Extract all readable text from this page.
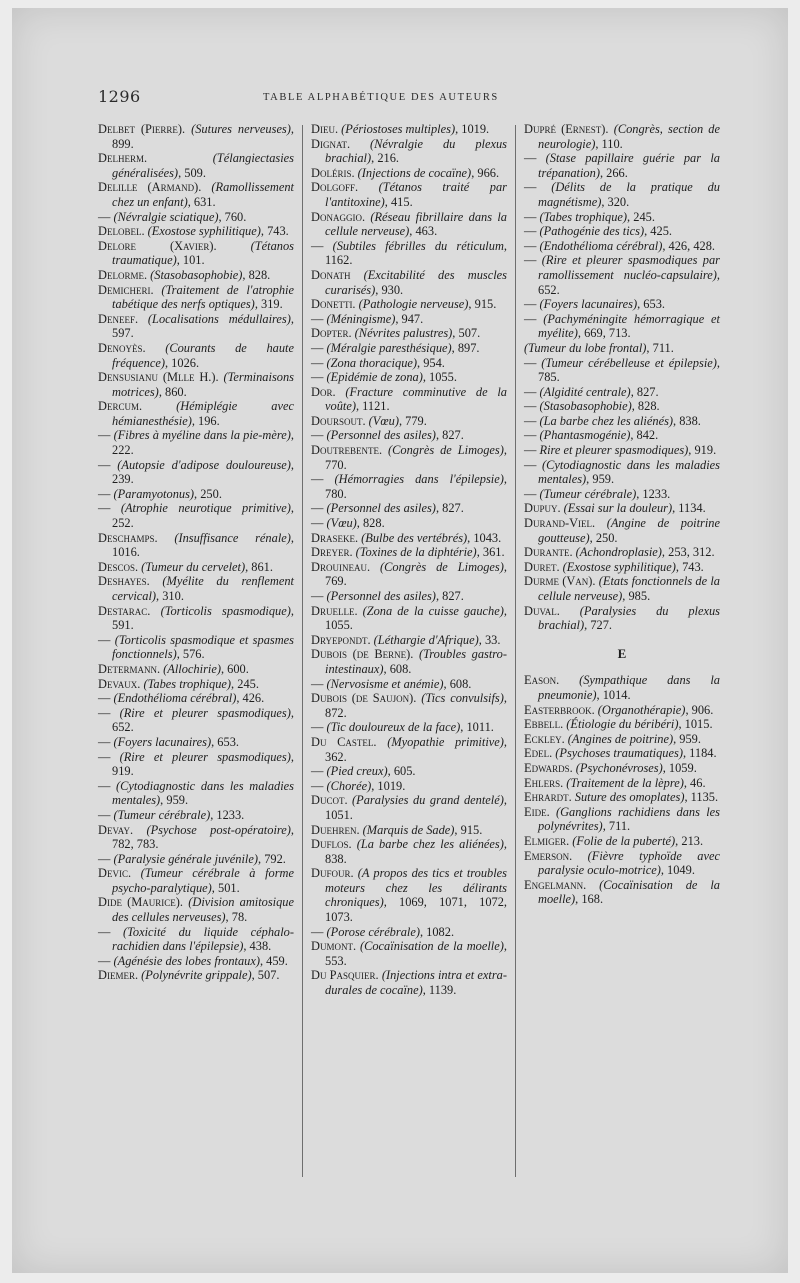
1296	TABLE ALPHABÉTIQUE DES AUTEURS

Delbet (Pierre). (Sutures nerveuses), 899.

Delherm.	(Télangiectasies généralisées), 509.

Delille (Armand). (Ramollissement chez un enfant), 631.

— (Névralgie sciatique), 760.

Delobel. (Exostose syphilitique), 743.

Delore (Xavier).	(Tétanos traumatique), 101.

Delorme. (Stasobasophobie), 828.

Demicheri. (Traitement de l'atrophie tabétique des nerfs optiques), 319.

Deneef. (Localisations médullaires), 597.

Denoyès. (Courants de haute fréquence), 1026.

Densusianu (Mlle H.). (Terminaisons motrices), 860.

Dercum.	(Hémiplégie avec hémianesthésie), 196.

— (Fibres à myéline dans la pie-mère), 222.

— (Autopsie d'adipose douloureuse), 239.

— (Paramyotonus), 250.

— (Atrophie neurotique primitive), 252.

Deschamps. (Insuffisance rénale), 1016.

Descos. (Tumeur du cervelet), 861.

Deshayes. (Myélite du renflement cervical), 310.

Destarac. (Torticolis spasmodique), 591.

— (Torticolis spasmodique et spasmes fonctionnels), 576.

Determann. (Allochirie), 600.

Devaux. (Tabes trophique), 245.

— (Endothélioma cérébral), 426.

— (Rire et pleurer spasmodiques), 652.

— (Foyers lacunaires), 653.

— (Rire et pleurer spasmodiques), 919.

— (Cytodiagnostic dans les maladies mentales), 959.

— (Tumeur cérébrale), 1233.

Devay. (Psychose post-opératoire), 782, 783.

— (Paralysie générale juvénile), 792.

Devic. (Tumeur cérébrale à forme psycho-paralytique), 501.

Dide (Maurice). (Division amitosique des cellules nerveuses), 78.

— (Toxicité du liquide céphalo-rachidien dans l'épilepsie), 438.

— (Agénésie des lobes frontaux), 459.

Diemer. (Polynévrite grippale), 507.

Dieu. (Périostoses multiples), 1019.

Dignat. (Névralgie du plexus brachial), 216.

Doléris. (Injections de cocaïne), 966.

Dolgoff. (Tétanos traité par l'antitoxine), 415.

Donaggio. (Réseau fibrillaire dans la cellule nerveuse), 463.

— (Subtiles fébrilles du réticulum, 1162.

Donath (Excitabilité des muscles curarisés), 930.

Donetti. (Pathologie nerveuse), 915.

— (Méningisme), 947.

Dopter. (Névrites palustres), 507.

— (Méralgie paresthésique), 897.

— (Zona thoracique), 954.

— (Epidémie de zona), 1055.

Dor. (Fracture comminutive de la voûte), 1121.

Doursout. (Vœu), 779.

— (Personnel des asiles), 827.

Doutrebente. (Congrès de Limoges), 770.

— (Hémorragies dans l'épilepsie), 780.

— (Personnel des asiles), 827.

— (Vœu), 828.

Draseke. (Bulbe des vertébrés), 1043.

Dreyer. (Toxines de la diphtérie), 361.

Drouineau. (Congrès de Limoges), 769.

— (Personnel des asiles), 827.

Druelle. (Zona de la cuisse gauche), 1055.

Dryepondt. (Léthargie d'Afrique), 33.

Dubois (de Berne). (Troubles gastro-intestinaux), 608.

— (Nervosisme et anémie), 608.

Dubois (de Saujon). (Tics convulsifs), 872.

— (Tic douloureux de la face), 1011.

Du Castel. (Myopathie primitive), 362.

— (Pied creux), 605.

— (Chorée), 1019.

Ducot. (Paralysies du grand dentelé), 1051.

Duehren. (Marquis de Sade), 915.

Duflos. (La barbe chez les aliénées), 838.

Dufour. (A propos des tics et troubles moteurs chez les délirants chroniques), 1069, 1071, 1072, 1073.

— (Porose cérébrale), 1082.

Dumont. (Cocaïnisation de la moelle), 553.

Du Pasquier. (Injections intra et extra-durales de cocaïne), 1139.

Dupré (Ernest). (Congrès, section de neurologie), 110.

— (Stase papillaire guérie par la trépanation), 266.

— (Délits de la pratique du magnétisme), 320.

— (Tabes trophique), 245.

— (Pathogénie des tics), 425.

— (Endothélioma cérébral), 426, 428.

— (Rire et pleurer spasmodiques par ramollissement nucléo-capsulaire), 652.

— (Foyers lacunaires), 653.

— (Pachyméningite hémorragique et myélite), 669, 713.

(Tumeur du lobe frontal), 711.

— (Tumeur cérébelleuse et épilepsie), 785.

— (Algidité centrale), 827.

— (Stasobasophobie), 828.

— (La barbe chez les aliénés), 838.

— (Phantasmogénie), 842.

— Rire et pleurer spasmodiques), 919.

— (Cytodiagnostic dans les maladies mentales), 959.

— (Tumeur cérébrale), 1233.

Dupuy. (Essai sur la douleur), 1134.

Durand-Viel. (Angine de poitrine goutteuse), 250.

Durante. (Achondroplasie), 253, 312.

Duret. (Exostose syphilitique), 743.

Durme (Van). (Etats fonctionnels de la cellule nerveuse), 985.

Duval. (Paralysies du plexus brachial), 727.

E

Eason. (Sympathique dans la pneumonie), 1014.

Easterbrook. (Organothérapie), 906.

Ebbell. (Étiologie du béribéri), 1015.

Eckley. (Angines de poitrine), 959.

Edel. (Psychoses traumatiques), 1184.

Edwards. (Psychonévroses), 1059.

Ehlers. (Traitement de la lèpre), 46.

Ehrardt. Suture des omoplates), 1135.

Eide. (Ganglions rachidiens dans les polynévrites), 711.

Elmiger. (Folie de la puberté), 213.

Emerson. (Fièvre typhoïde avec paralysie oculo-motrice), 1049.

Engelmann. (Cocaïnisation de la moelle), 168.
